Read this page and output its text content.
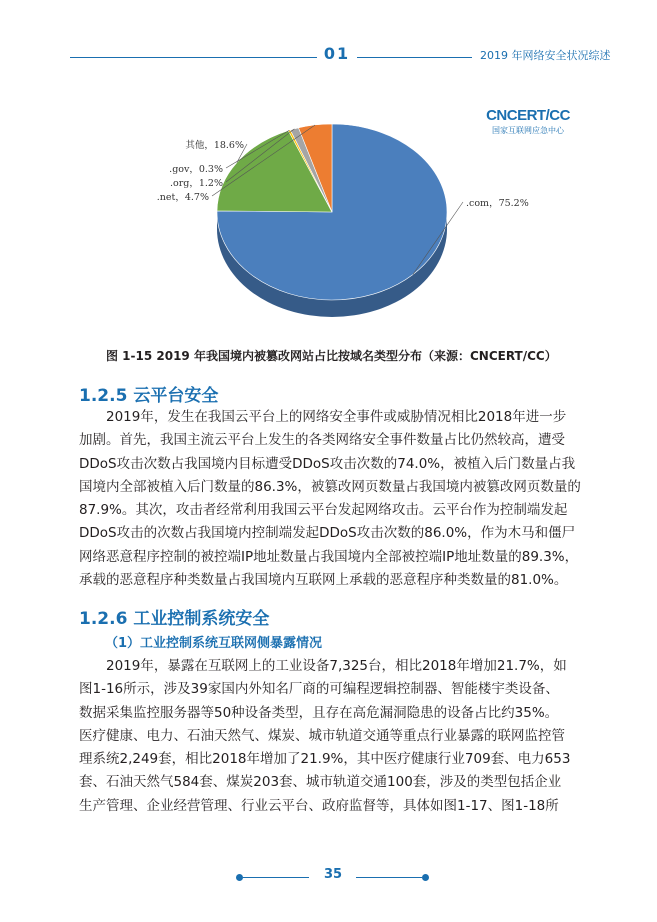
01	2019 年网络安全状况综述
.com，75.2%
其他，18.6%
.gov，0.3%
.org，1.2%
.net，4.7%
CNCERT/CC
国家互联网应急中心
图 1-15 2019 年我国境内被篡改网站占比按域名类型分布（来源：CNCERT/CC）
1.2.5 云平台安全
2019年，发生在我国云平台上的网络安全事件或威胁情况相比2018年进一步
加剧。首先，我国主流云平台上发生的各类网络安全事件数量占比仍然较高，遭受
DDoS攻击次数占我国境内目标遭受DDoS攻击次数的74.0%，被植入后门数量占我
国境内全部被植入后门数量的86.3%，被篡改网页数量占我国境内被篡改网页数量的
87.9%。其次，攻击者经常利用我国云平台发起网络攻击。云平台作为控制端发起
DDoS攻击的次数占我国境内控制端发起DDoS攻击次数的86.0%，作为木马和僵尸
网络恶意程序控制的被控端IP地址数量占我国境内全部被控端IP地址数量的89.3%，
承载的恶意程序种类数量占我国境内互联网上承载的恶意程序种类数量的81.0%。
1.2.6 工业控制系统安全
（1）工业控制系统互联网侧暴露情况
2019年，暴露在互联网上的工业设备7,325台，相比2018年增加21.7%，如
图1-16所示，涉及39家国内外知名厂商的可编程逻辑控制器、智能楼宇类设备、
数据采集监控服务器等50种设备类型，且存在高危漏洞隐患的设备占比约35%。
医疗健康、电力、石油天然气、煤炭、城市轨道交通等重点行业暴露的联网监控管
理系统2,249套，相比2018年增加了21.9%，其中医疗健康行业709套、电力653
套、石油天然气584套、煤炭203套、城市轨道交通100套，涉及的类型包括企业
生产管理、企业经营管理、行业云平台、政府监督等，具体如图1-17、图1-18所
35
